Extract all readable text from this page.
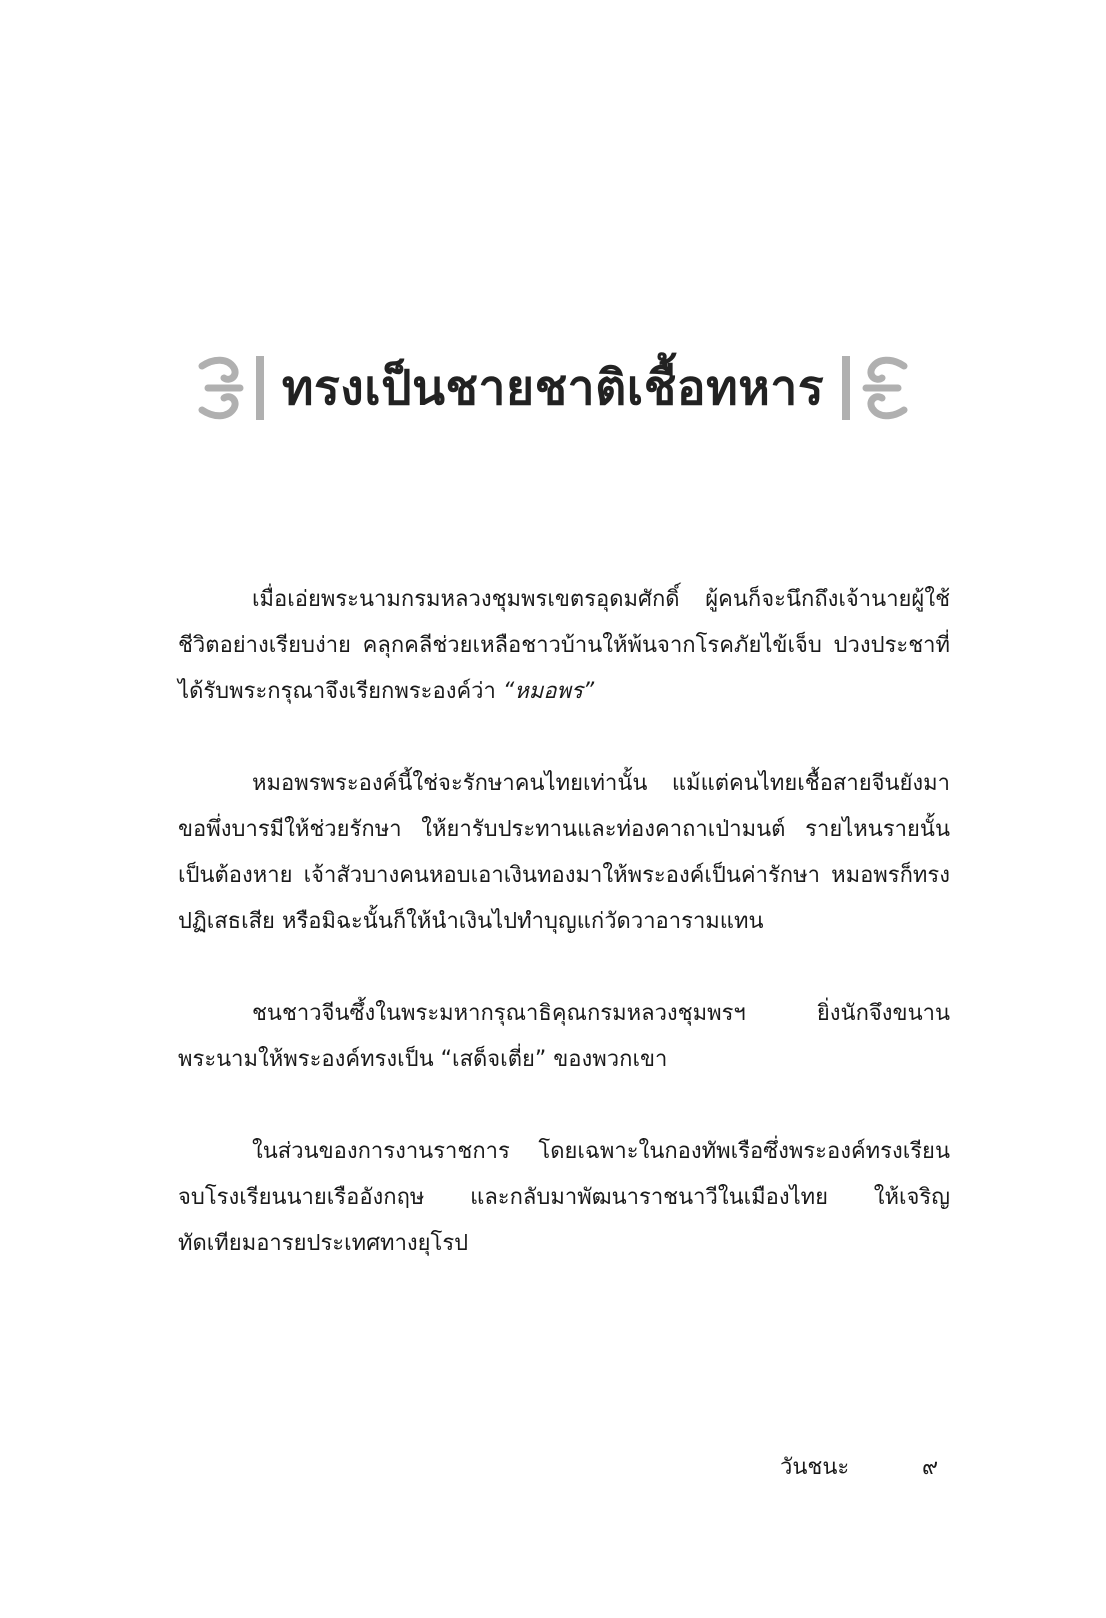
ทรงเป็นชายชาติเชื้อทหาร

เมื่อเอ่ยพระนามกรมหลวงชุมพรเขตรอุดมศักดิ์ ผู้คนก็จะนึกถึงเจ้านายผู้ใช้ชีวิตอย่างเรียบง่าย คลุกคลีช่วยเหลือชาวบ้านให้พ้นจากโรคภัยไข้เจ็บ ปวงประชาที่ได้รับพระกรุณาจึงเรียกพระองค์ว่า “หมอพร”

หมอพรพระองค์นี้ใช่จะรักษาคนไทยเท่านั้น แม้แต่คนไทยเชื้อสายจีนยังมาขอพึ่งบารมีให้ช่วยรักษา ให้ยารับประทานและท่องคาถาเป่ามนต์ รายไหนรายนั้นเป็นต้องหาย เจ้าสัวบางคนหอบเอาเงินทองมาให้พระองค์เป็นค่ารักษา หมอพรก็ทรงปฏิเสธเสีย หรือมิฉะนั้นก็ให้นำเงินไปทำบุญแก่วัดวาอารามแทน

ชนชาวจีนซึ้งในพระมหากรุณาธิคุณกรมหลวงชุมพรฯ ยิ่งนักจึงขนานพระนามให้พระองค์ทรงเป็น “เสด็จเตี่ย” ของพวกเขา

ในส่วนของการงานราชการ โดยเฉพาะในกองทัพเรือซึ่งพระองค์ทรงเรียนจบโรงเรียนนายเรืออังกฤษ และกลับมาพัฒนาราชนาวีในเมืองไทย ให้เจริญทัดเทียมอารยประเทศทางยุโรป

วันชนะ	๙
